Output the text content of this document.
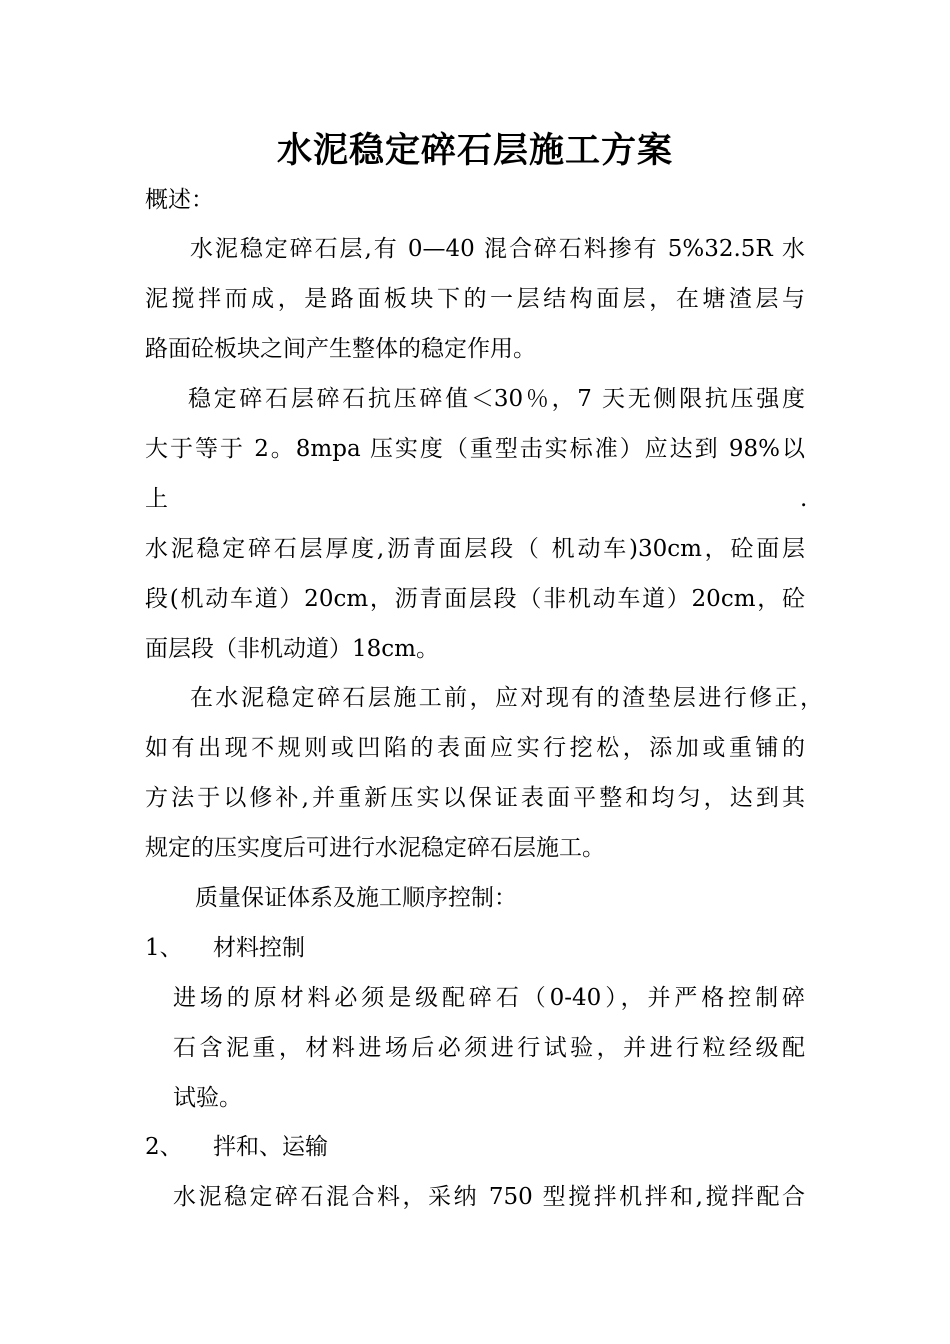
水泥稳定碎石层施工方案
概述：
水泥稳定碎石层,有 0—40 混合碎石料掺有 5%32.5R 水
泥搅拌而成，是路面板块下的一层结构面层，在塘渣层与
路面砼板块之间产生整体的稳定作用。
稳定碎石层碎石抗压碎值＜30％，7 天无侧限抗压强度
大于等于 2。8mpa 压实度（重型击实标准）应达到 98%以
上	.
水泥稳定碎石层厚度,沥青面层段（ 机动车)30cm，砼面层
段(机动车道）20cm，沥青面层段（非机动车道）20cm，砼
面层段（非机动道）18cm。
在水泥稳定碎石层施工前，应对现有的渣垫层进行修正，
如有出现不规则或凹陷的表面应实行挖松，添加或重铺的
方法于以修补,并重新压实以保证表面平整和均匀，达到其
规定的压实度后可进行水泥稳定碎石层施工。
质量保证体系及施工顺序控制：
1、 材料控制
进场的原材料必须是级配碎石（0-40），并严格控制碎
石含泥重，材料进场后必须进行试验，并进行粒经级配
试验。
2、 拌和、运输
水泥稳定碎石混合料，采纳 750 型搅拌机拌和,搅拌配合
